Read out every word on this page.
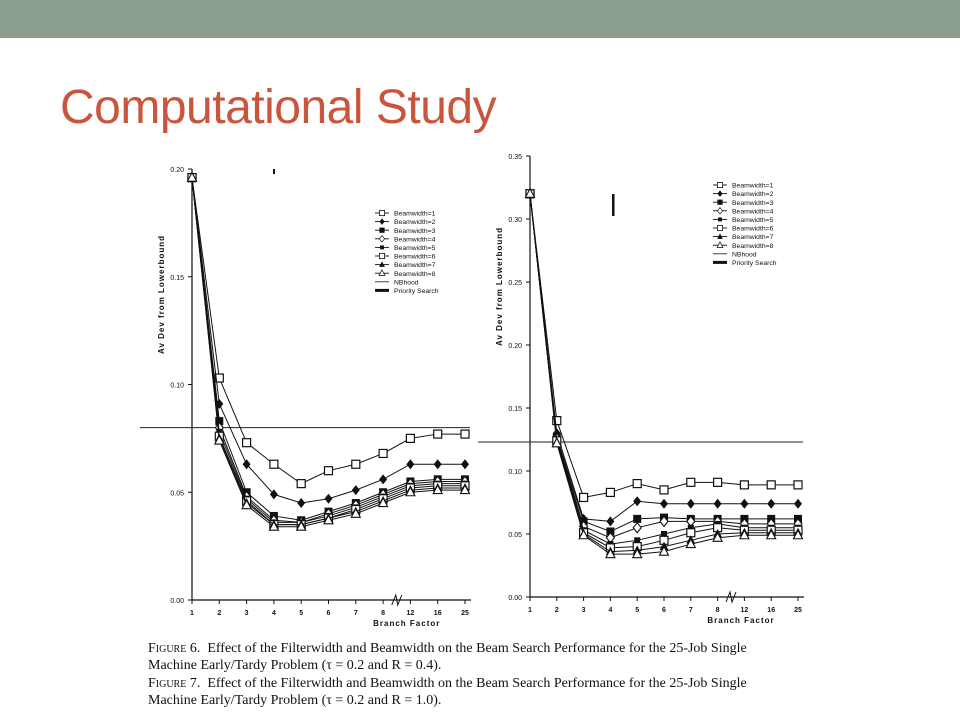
Computational Study
0.00
0.05
0.10
0.15
0.20
1	2	3	4	5	6	7	8	12	16	25
Branch Factor
Av Dev from Lowerbound
Beamwidth=1
Beamwidth=2
Beamwidth=3
Beamwidth=4
Beamwidth=5
Beamwidth=6
Beamwidth=7
Beamwidth=8
NBhood
Priority Search
0.00
0.05
0.10
0.15
0.20
0.25
0.30
0.35
1	2	3	4	5	6	7	8	12	16	25
Branch Factor
Av Dev from Lowerbound
Beamwidth=1
Beamwidth=2
Beamwidth=3
Beamwidth=4
Beamwidth=5
Beamwidth=6
Beamwidth=7
Beamwidth=8
NBhood
Priority Search
Figure 6. Effect of the Filterwidth and Beamwidth on the Beam Search Performance for the 25-Job Single
Machine Early/Tardy Problem (τ = 0.2 and R = 0.4).
Figure 7. Effect of the Filterwidth and Beamwidth on the Beam Search Performance for the 25-Job Single
Machine Early/Tardy Problem (τ = 0.2 and R = 1.0).
